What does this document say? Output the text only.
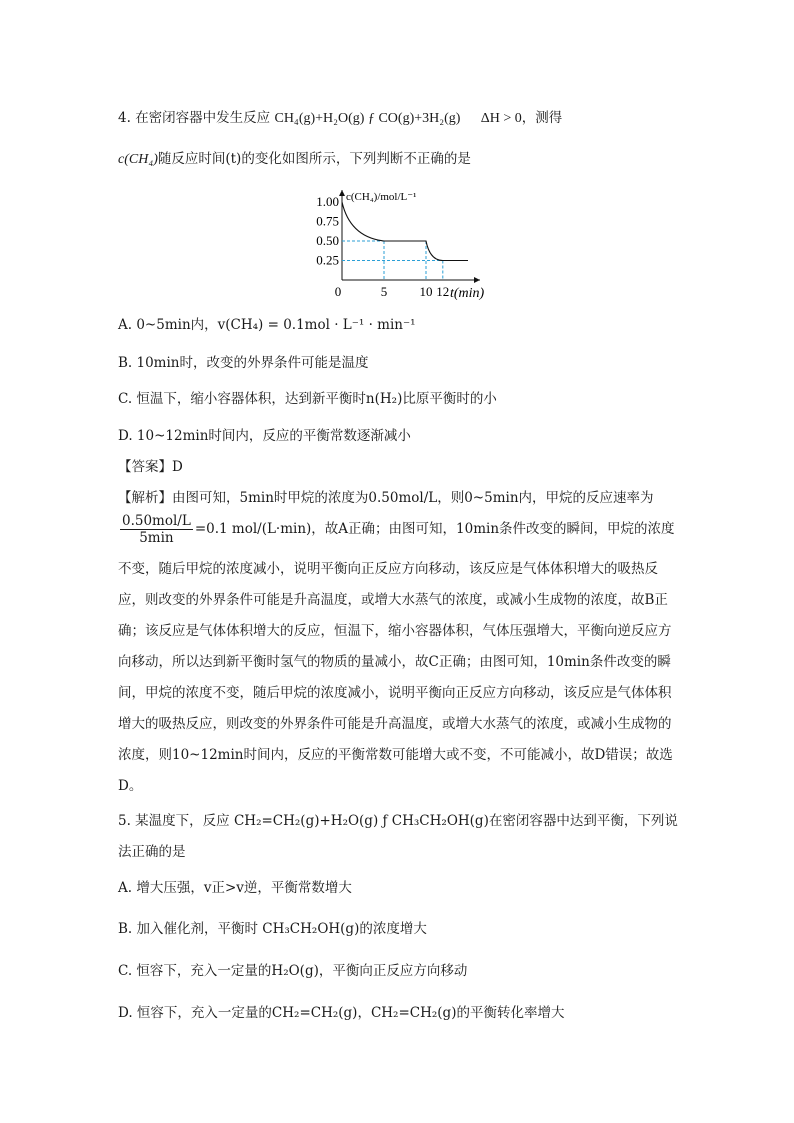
4. 在密闭容器中发生反应 CH₄(g)+H₂O(g) ƒ CO(g)+3H₂(g) ΔH > 0，测得
c(CH₄)随反应时间(t)的变化如图所示，下列判断不正确的是
1.00
0.75
0.50
0.25
0	5 10 12
c(CH₄)/mol/L⁻¹
t(min)
A. 0~5min内，v(CH₄) = 0.1mol · L⁻¹ · min⁻¹
B. 10min时，改变的外界条件可能是温度
C. 恒温下，缩小容器体积，达到新平衡时n(H₂)比原平衡时的小
D. 10~12min时间内，反应的平衡常数逐渐减小
【答案】D
【解析】由图可知，5min时甲烷的浓度为0.50mol/L，则0~5min内，甲烷的反应速率为
$\frac{\text{0.50mol/L}}{5\min} =0.1$ mol/(L·min)，故A正确；由图可知，10min条件改变的瞬间，甲烷的浓度
不变，随后甲烷的浓度减小，说明平衡向正反应方向移动，该反应是气体体积增大的吸热反应，则改变的外界条件可能是升高温度，或增大水蒸气的浓度，或减小生成物的浓度，故B正确；该反应是气体体积增大的反应，恒温下，缩小容器体积，气体压强增大，平衡向逆反应方向移动，所以达到新平衡时氢气的物质的量减小，故C正确；由图可知，10min条件改变的瞬间，甲烷的浓度不变，随后甲烷的浓度减小，说明平衡向正反应方向移动，该反应是气体体积增大的吸热反应，则改变的外界条件可能是升高温度，或增大水蒸气的浓度，或减小生成物的浓度，则10~12min时间内，反应的平衡常数可能增大或不变，不可能减小，故D错误；故选D。
5. 某温度下，反应 CH₂=CH₂(g)+H₂O(g) ƒ CH₃CH₂OH(g)在密闭容器中达到平衡，下列说
法正确的是
A. 增大压强，v正>v逆，平衡常数增大
B. 加入催化剂，平衡时 CH₃CH₂OH(g)的浓度增大
C. 恒容下，充入一定量的H₂O(g)，平衡向正反应方向移动
D. 恒容下，充入一定量的CH₂=CH₂(g)，CH₂=CH₂(g)的平衡转化率增大
